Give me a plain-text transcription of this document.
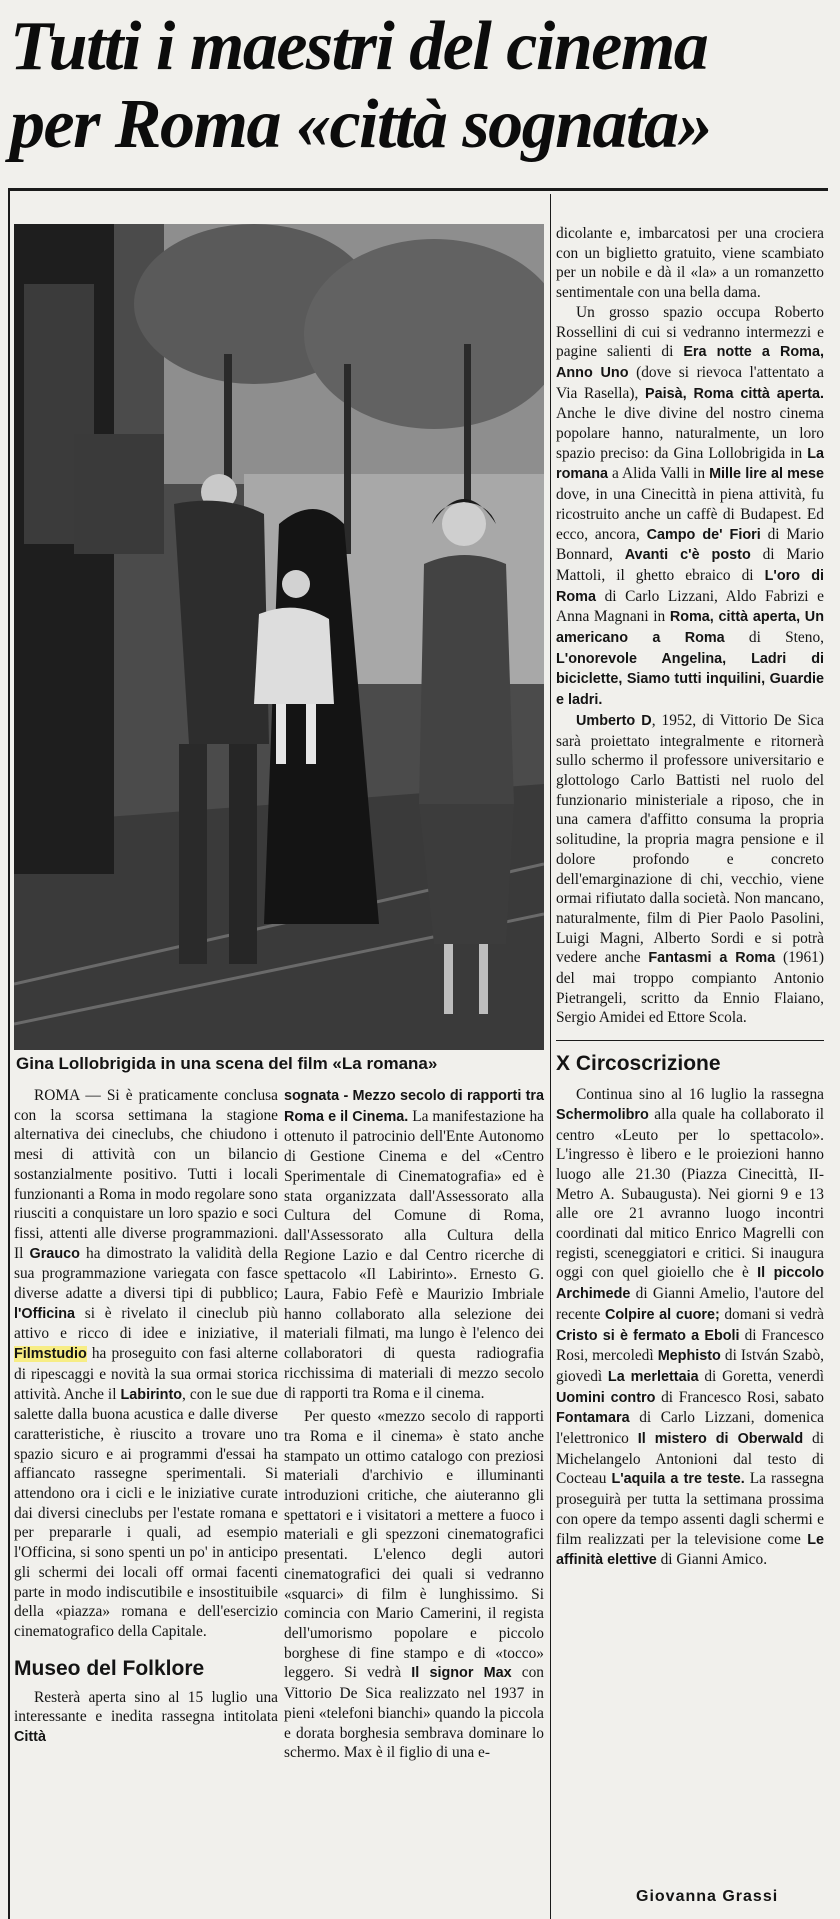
Tutti i maestri del cinema
per Roma «città sognata»

Gina Lollobrigida in una scena del film «La romana»

ROMA — Si è praticamente conclusa con la scorsa settimana la stagione alternativa dei cineclubs, che chiudono i mesi di attività con un bilancio sostanzialmente positivo. Tutti i locali funzionanti a Roma in modo regolare sono riusciti a conquistare un loro spazio e soci fissi, attenti alle diverse programmazioni. Il Grauco ha dimostrato la validità della sua programmazione variegata con fasce diverse adatte a diversi tipi di pubblico; l'Officina si è rivelato il cineclub più attivo e ricco di idee e iniziative, il Filmstudio ha proseguito con fasi alterne di ripescaggi e novità la sua ormai storica attività. Anche il Labirinto, con le sue due salette dalla buona acustica e dalle diverse caratteristiche, è riuscito a trovare uno spazio sicuro e ai programmi d'essai ha affiancato rassegne sperimentali. Si attendono ora i cicli e le iniziative curate dai diversi cineclubs per l'estate romana e per prepararle i quali, ad esempio l'Officina, si sono spenti un po' in anticipo gli schermi dei locali off ormai facenti parte in modo indiscutibile e insostituibile della «piazza» romana e dell'esercizio cinematografico della Capitale.

Museo del Folklore

Resterà aperta sino al 15 luglio una interessante e inedita rassegna intitolata Città

sognata - Mezzo secolo di rapporti tra Roma e il Cinema. La manifestazione ha ottenuto il patrocinio dell'Ente Autonomo di Gestione Cinema e del «Centro Sperimentale di Cinematografia» ed è stata organizzata dall'Assessorato alla Cultura del Comune di Roma, dall'Assessorato alla Cultura della Regione Lazio e dal Centro ricerche di spettacolo «Il Labirinto». Ernesto G. Laura, Fabio Fefè e Maurizio Imbriale hanno collaborato alla selezione dei materiali filmati, ma lungo è l'elenco dei collaboratori di questa radiografia ricchissima di materiali di mezzo secolo di rapporti tra Roma e il cinema.

Per questo «mezzo secolo di rapporti tra Roma e il cinema» è stato anche stampato un ottimo catalogo con preziosi materiali d'archivio e illuminanti introduzioni critiche, che aiuteranno gli spettatori e i visitatori a mettere a fuoco i materiali e gli spezzoni cinematografici presentati. L'elenco degli autori cinematografici dei quali si vedranno «squarci» di film è lunghissimo. Si comincia con Mario Camerini, il regista dell'umorismo popolare e piccolo borghese di fine stampo e di «tocco» leggero. Si vedrà Il signor Max con Vittorio De Sica realizzato nel 1937 in pieni «telefoni bianchi» quando la piccola e dorata borghesia sembrava dominare lo schermo. Max è il figlio di una e-

dicolante e, imbarcatosi per una crociera con un biglietto gratuito, viene scambiato per un nobile e dà il «la» a un romanzetto sentimentale con una bella dama.

Un grosso spazio occupa Roberto Rossellini di cui si vedranno intermezzi e pagine salienti di Era notte a Roma, Anno Uno (dove si rievoca l'attentato a Via Rasella), Paisà, Roma città aperta. Anche le dive divine del nostro cinema popolare hanno, naturalmente, un loro spazio preciso: da Gina Lollobrigida in La romana a Alida Valli in Mille lire al mese dove, in una Cinecittà in piena attività, fu ricostruito anche un caffè di Budapest. Ed ecco, ancora, Campo de' Fiori di Mario Bonnard, Avanti c'è posto di Mario Mattoli, il ghetto ebraico di L'oro di Roma di Carlo Lizzani, Aldo Fabrizi e Anna Magnani in Roma, città aperta, Un americano a Roma di Steno, L'onorevole Angelina, Ladri di biciclette, Siamo tutti inquilini, Guardie e ladri.

Umberto D, 1952, di Vittorio De Sica sarà proiettato integralmente e ritornerà sullo schermo il professore universitario e glottologo Carlo Battisti nel ruolo del funzionario ministeriale a riposo, che in una camera d'affitto consuma la propria solitudine, la propria magra pensione e il dolore profondo e concreto dell'emarginazione di chi, vecchio, viene ormai rifiutato dalla società. Non mancano, naturalmente, film di Pier Paolo Pasolini, Luigi Magni, Alberto Sordi e si potrà vedere anche Fantasmi a Roma (1961) del mai troppo compianto Antonio Pietrangeli, scritto da Ennio Flaiano, Sergio Amidei ed Ettore Scola.

X Circoscrizione

Continua sino al 16 luglio la rassegna Schermolibro alla quale ha collaborato il centro «Leuto per lo spettacolo». L'ingresso è libero e le proiezioni hanno luogo alle 21.30 (Piazza Cinecittà, II-Metro A. Subaugusta). Nei giorni 9 e 13 alle ore 21 avranno luogo incontri coordinati dal mitico Enrico Magrelli con registi, sceneggiatori e critici. Si inaugura oggi con quel gioiello che è Il piccolo Archimede di Gianni Amelio, l'autore del recente Colpire al cuore; domani si vedrà Cristo si è fermato a Eboli di Francesco Rosi, mercoledì Mephisto di István Szabò, giovedì La merlettaia di Goretta, venerdì Uomini contro di Francesco Rosi, sabato Fontamara di Carlo Lizzani, domenica l'elettronico Il mistero di Oberwald di Michelangelo Antonioni dal testo di Cocteau L'aquila a tre teste. La rassegna proseguirà per tutta la settimana prossima con opere da tempo assenti dagli schermi e film realizzati per la televisione come Le affinità elettive di Gianni Amico.

Giovanna Grassi
